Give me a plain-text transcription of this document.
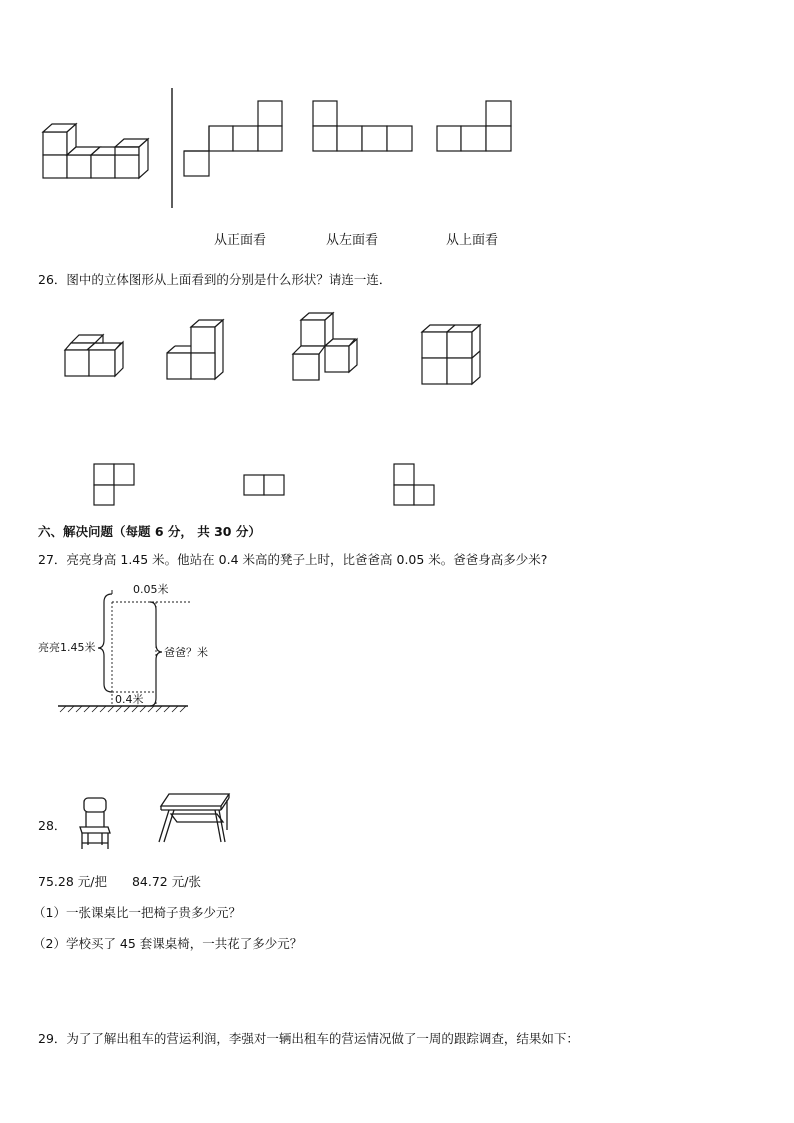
从正面看	从左面看	从上面看
26．图中的立体图形从上面看到的分别是什么形状？请连一连．
六、解决问题（每题 6 分， 共 30 分）
27．亮亮身高 1.45 米。他站在 0.4 米高的凳子上时，比爸爸高 0.05 米。爸爸身高多少米?
0.05米
亮亮1.45米	爸爸？米
0.4米
28．
75.28 元/把　　84.72 元/张
（1）一张课桌比一把椅子贵多少元？
（2）学校买了 45 套课桌椅，一共花了多少元？
29．为了了解出租车的营运利润，李强对一辆出租车的营运情况做了一周的跟踪调查，结果如下：
